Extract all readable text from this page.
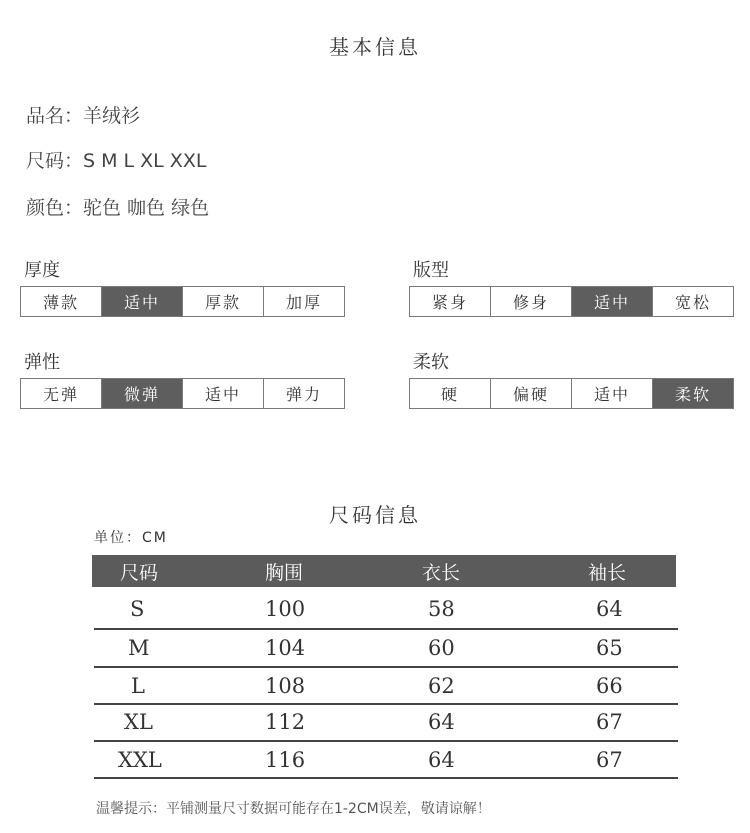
基本信息
品名：羊绒衫
尺码：S M L XL XXL
颜色：驼色 咖色 绿色
厚度
薄款	适中	厚款	加厚
版型
紧身	修身	适中	宽松
弹性
无弹	微弹	适中	弹力
柔软
硬	偏硬	适中	柔软
尺码信息
单位：CM
尺码	胸围	衣长	袖长
S	100	58	64
M	104	60	65
L	108	62	66
XL	112	64	67
XXL	116	64	67
温馨提示：平铺测量尺寸数据可能存在1-2CM误差，敬请谅解！
